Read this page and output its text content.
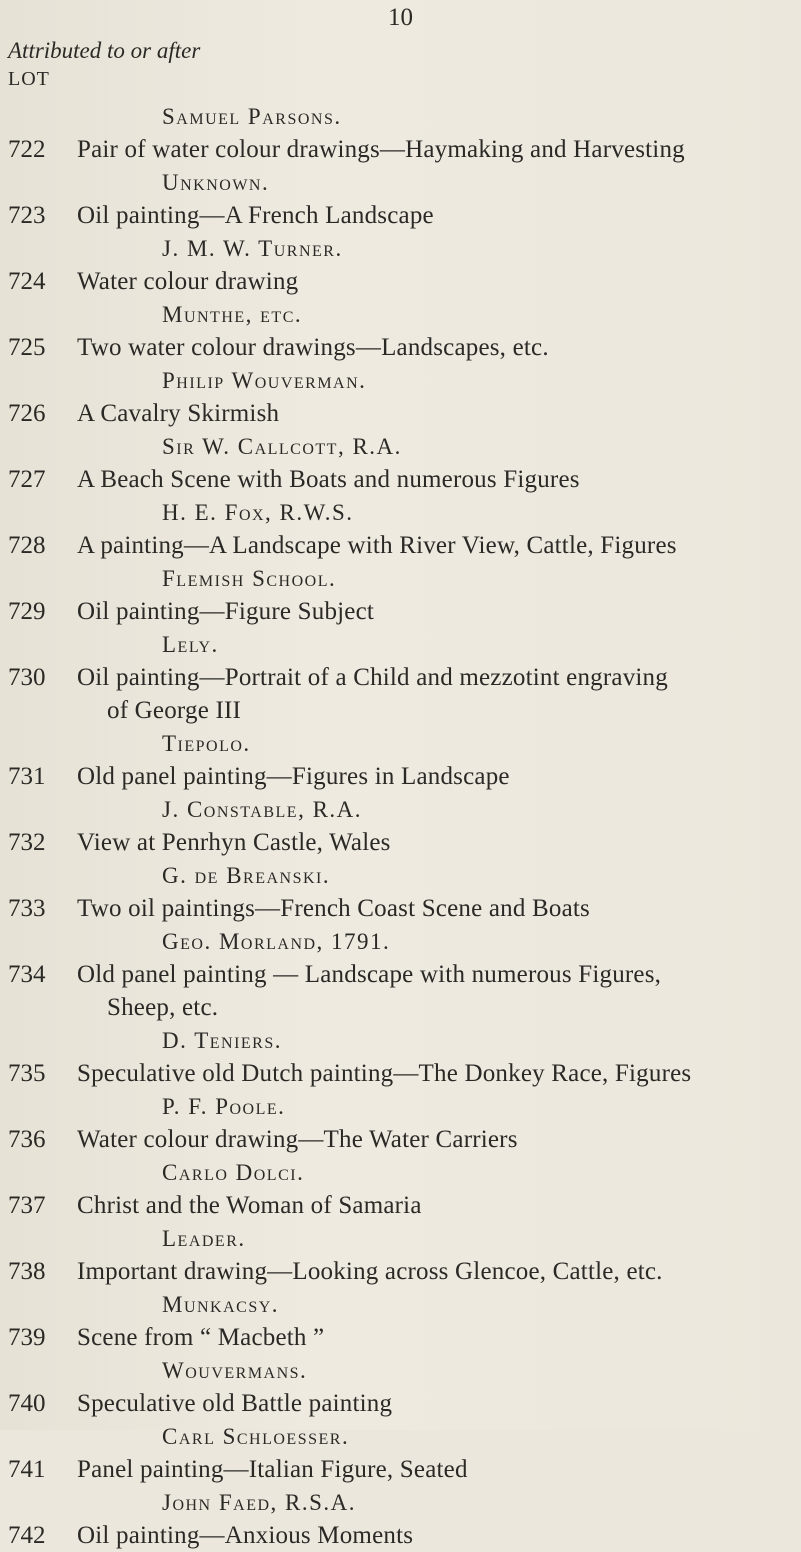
10
Attributed to or after
LOT
Samuel Parsons.
722	Pair of water colour drawings—Haymaking and Harvesting
Unknown.
723	Oil painting—A French Landscape
J. M. W. Turner.
724	Water colour drawing
Munthe, etc.
725	Two water colour drawings—Landscapes, etc.
Philip Wouverman.
726	A Cavalry Skirmish
Sir W. Callcott, R.A.
727	A Beach Scene with Boats and numerous Figures
H. E. Fox, R.W.S.
728	A painting—A Landscape with River View, Cattle, Figures
Flemish School.
729	Oil painting—Figure Subject
Lely.
730	Oil painting—Portrait of a Child and mezzotint engraving
of George III
Tiepolo.
731	Old panel painting—Figures in Landscape
J. Constable, R.A.
732	View at Penrhyn Castle, Wales
G. de Breanski.
733	Two oil paintings—French Coast Scene and Boats
Geo. Morland, 1791.
734	Old panel painting — Landscape with numerous Figures,
Sheep, etc.
D. Teniers.
735	Speculative old Dutch painting—The Donkey Race, Figures
P. F. Poole.
736	Water colour drawing—The Water Carriers
Carlo Dolci.
737	Christ and the Woman of Samaria
Leader.
738	Important drawing—Looking across Glencoe, Cattle, etc.
Munkacsy.
739	Scene from “ Macbeth ”
Wouvermans.
740	Speculative old Battle painting
Carl Schloesser.
741	Panel painting—Italian Figure, Seated
John Faed, R.S.A.
742	Oil painting—Anxious Moments
